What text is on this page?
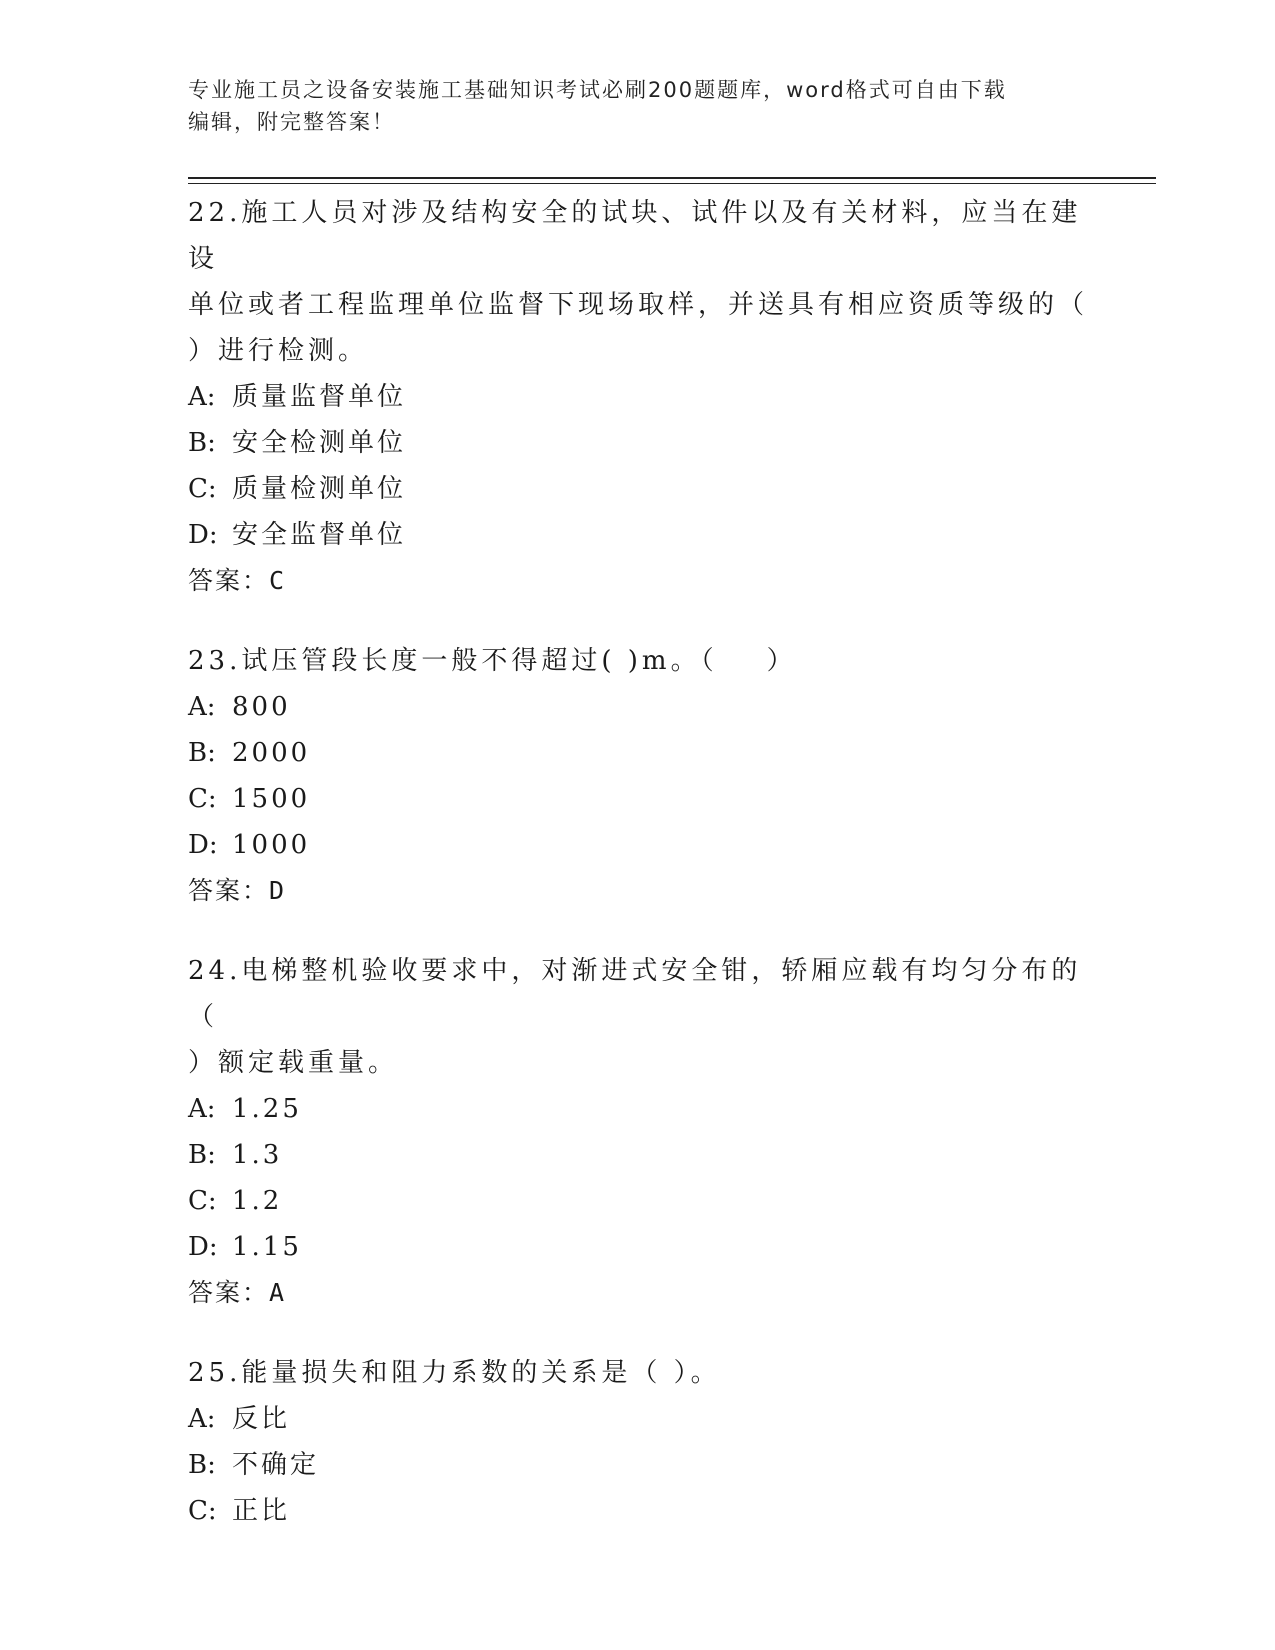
专业施工员之设备安装施工基础知识考试必刷200题题库，word格式可自由下载
编辑，附完整答案！

22.施工人员对涉及结构安全的试块、试件以及有关材料，应当在建设

单位或者工程监理单位监督下现场取样，并送具有相应资质等级的（

）进行检测。

A: 质量监督单位

B: 安全检测单位

C: 质量检测单位

D: 安全监督单位

答案：C

23.试压管段长度一般不得超过( )m。（    ）

A: 800

B: 2000

C: 1500

D: 1000

答案：D

24.电梯整机验收要求中，对渐进式安全钳，轿厢应载有均匀分布的（

）额定载重量。

A: 1.25

B: 1.3

C: 1.2

D: 1.15

答案：A

25.能量损失和阻力系数的关系是（ ）。

A: 反比

B: 不确定

C: 正比
